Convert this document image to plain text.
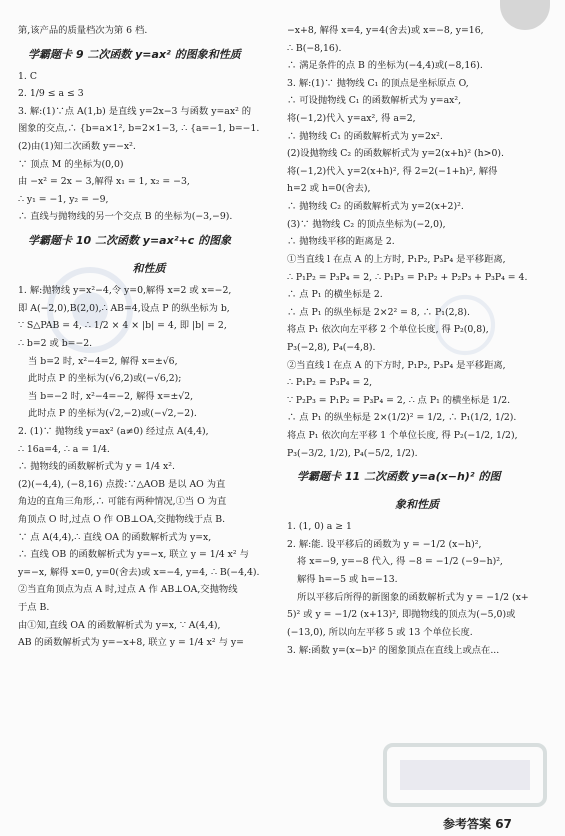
第,该产品的质量档次为第 6 档.
学霸题卡 9 二次函数 y=ax² 的图象和性质
1. C
2. 1/9 ≤ a ≤ 3
3. 解:(1)∵点 A(1,b) 是直线 y=2x−3 与函数 y=ax² 的
图象的交点,∴ {b=a×1², b=2×1−3, ∴ {a=−1, b=−1.
(2)由(1)知二次函数 y=−x².
∵ 顶点 M 的坐标为(0,0)
由 −x² = 2x − 3,解得 x₁ = 1, x₂ = −3,
∴ y₁ = −1, y₂ = −9,
∴ 直线与抛物线的另一个交点 B 的坐标为(−3,−9).
学霸题卡 10 二次函数 y=ax²+c 的图象
和性质
1. 解:抛物线 y=x²−4,令 y=0,解得 x=2 或 x=−2,
即 A(−2,0),B(2,0),∴ AB=4,设点 P 的纵坐标为 b,
∵ S△PAB = 4, ∴ 1/2 × 4 × |b| = 4, 即 |b| = 2,
∴ b=2 或 b=−2.
当 b=2 时, x²−4=2, 解得 x=±√6,
此时点 P 的坐标为(√6,2)或(−√6,2);
当 b=−2 时, x²−4=−2, 解得 x=±√2,
此时点 P 的坐标为(√2,−2)或(−√2,−2).
2. (1)∵ 抛物线 y=ax² (a≠0) 经过点 A(4,4),
∴ 16a=4, ∴ a = 1/4.
∴ 抛物线的函数解析式为 y = 1/4 x².
(2)(−4,4), (−8,16) 点拨:∵△AOB 是以 AO 为直
角边的直角三角形,∴ 可能有两种情况,①当 O 为直
角顶点 O 时,过点 O 作 OB⊥OA,交抛物线于点 B.
∵ 点 A(4,4),∴ 直线 OA 的函数解析式为 y=x,
∴ 直线 OB 的函数解析式为 y=−x, 联立 y = 1/4 x² 与
y=−x, 解得 x=0, y=0(舍去)或 x=−4, y=4, ∴ B(−4,4).
②当直角顶点为点 A 时,过点 A 作 AB⊥OA,交抛物线
于点 B.
由①知,直线 OA 的函数解析式为 y=x, ∵ A(4,4),
AB 的函数解析式为 y=−x+8, 联立 y = 1/4 x² 与 y=
−x+8, 解得 x=4, y=4(舍去)或 x=−8, y=16,
∴ B(−8,16).
∴ 满足条件的点 B 的坐标为(−4,4)或(−8,16).
3. 解:(1)∵ 抛物线 C₁ 的顶点是坐标原点 O,
∴ 可设抛物线 C₁ 的函数解析式为 y=ax²,
将(−1,2)代入 y=ax², 得 a=2,
∴ 抛物线 C₁ 的函数解析式为 y=2x².
(2)设抛物线 C₂ 的函数解析式为 y=2(x+h)² (h>0).
将(−1,2)代入 y=2(x+h)², 得 2=2(−1+h)², 解得
h=2 或 h=0(舍去),
∴ 抛物线 C₂ 的函数解析式为 y=2(x+2)².
(3)∵ 抛物线 C₂ 的顶点坐标为(−2,0),
∴ 抛物线平移的距离是 2.
①当直线 l 在点 A 的上方时, P₁P₂, P₃P₄ 是平移距离,
∴ P₁P₂ = P₃P₄ = 2, ∴ P₁P₃ = P₁P₂ + P₂P₃ + P₃P₄ = 4.
∴ 点 P₁ 的横坐标是 2.
∴ 点 P₁ 的纵坐标是 2×2² = 8, ∴ P₁(2,8).
将点 P₁ 依次向左平移 2 个单位长度, 得 P₂(0,8),
P₃(−2,8), P₄(−4,8).
②当直线 l 在点 A 的下方时, P₁P₂, P₃P₄ 是平移距离,
∴ P₁P₂ = P₃P₄ = 2,
∵ P₂P₃ = P₁P₂ = P₃P₄ = 2, ∴ 点 P₁ 的横坐标是 1/2.
∴ 点 P₁ 的纵坐标是 2×(1/2)² = 1/2, ∴ P₁(1/2, 1/2).
将点 P₁ 依次向左平移 1 个单位长度, 得 P₂(−1/2, 1/2),
P₃(−3/2, 1/2), P₄(−5/2, 1/2).
学霸题卡 11 二次函数 y=a(x−h)² 的图
象和性质
1. (1, 0) a ≥ 1
2. 解:能. 设平移后的函数为 y = −1/2 (x−h)²,
将 x=−9, y=−8 代入, 得 −8 = −1/2 (−9−h)²,
解得 h=−5 或 h=−13.
所以平移后所得的新图象的函数解析式为 y = −1/2 (x+
5)² 或 y = −1/2 (x+13)², 即抛物线的顶点为(−5,0)或
(−13,0), 所以向左平移 5 或 13 个单位长度.
3. 解:函数 y=(x−b)² 的图象顶点在直线上或点在...
参考答案 67
